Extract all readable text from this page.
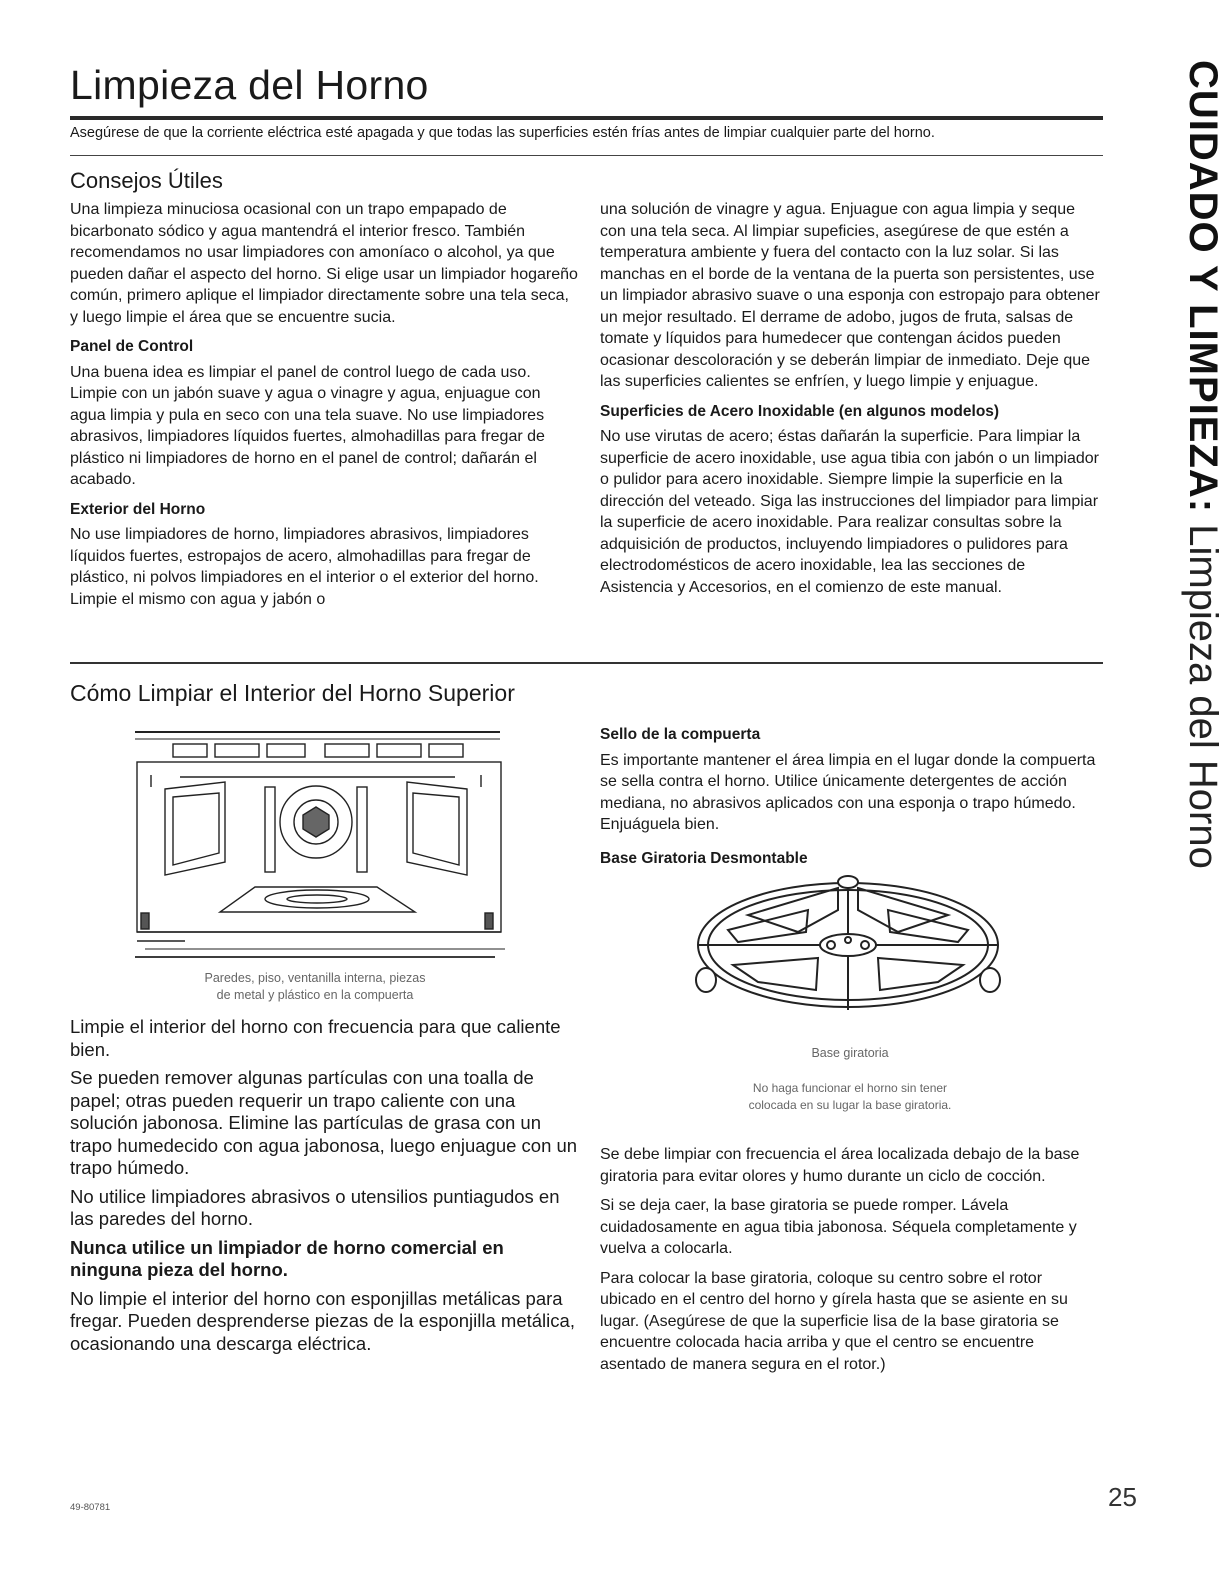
Limpieza del Horno

Asegúrese de que la corriente eléctrica esté apagada y que todas las superficies estén frías antes de limpiar cualquier parte del horno.	CUIDADO Y LIMPIEZA: Limpieza del Horno
Consejos Útiles

Una limpieza minuciosa ocasional con un trapo empapado de bicarbonato sódico y agua mantendrá el interior fresco. También recomendamos no usar limpiadores con amoníaco o alcohol, ya que pueden dañar el aspecto del horno. Si elige usar un limpiador hogareño común, primero aplique el limpiador directamente sobre una tela seca, y luego limpie el área que se encuentre sucia.

Panel de Control

Una buena idea es limpiar el panel de control luego de cada uso. Limpie con un jabón suave y agua o vinagre y agua, enjuague con agua limpia y pula en seco con una tela suave. No use limpiadores abrasivos, limpiadores líquidos fuertes, almohadillas para fregar de plástico ni limpiadores de horno en el panel de control; dañarán el acabado.

Exterior del Horno

No use limpiadores de horno, limpiadores abrasivos, limpiadores líquidos fuertes, estropajos de acero, almohadillas para fregar de plástico, ni polvos limpiadores en el interior o el exterior del horno. Limpie el mismo con agua y jabón o

una solución de vinagre y agua. Enjuague con agua limpia y seque con una tela seca. Al limpiar supeficies, asegúrese de que estén a temperatura ambiente y fuera del contacto con la luz solar. Si las manchas en el borde de la ventana de la puerta son persistentes, use un limpiador abrasivo suave o una esponja con estropajo para obtener un mejor resultado. El derrame de adobo, jugos de fruta, salsas de tomate y líquidos para humedecer que contengan ácidos pueden ocasionar descoloración y se deberán limpiar de inmediato. Deje que las superficies calientes se enfríen, y luego limpie y enjuague.

Superficies de Acero Inoxidable (en algunos modelos)

No use virutas de acero; éstas dañarán la superficie. Para limpiar la superficie de acero inoxidable, use agua tibia con jabón o un limpiador o pulidor para acero inoxidable. Siempre limpie la superficie en la dirección del veteado. Siga las instrucciones del limpiador para limpiar la superficie de acero inoxidable. Para realizar consultas sobre la adquisición de productos, incluyendo limpiadores o pulidores para electrodomésticos de acero inoxidable, lea las secciones de Asistencia y Accesorios, en el comienzo de este manual.

Cómo Limpiar el Interior del Horno Superior
Paredes, piso, ventanilla interna, piezas
de metal y plástico en la compuerta

Limpie el interior del horno con frecuencia para que caliente bien.

Se pueden remover algunas partículas con una toalla de papel; otras pueden requerir un trapo caliente con una solución jabonosa. Elimine las partículas de grasa con un trapo humedecido con agua jabonosa, luego enjuague con un trapo húmedo.

No utilice limpiadores abrasivos o utensilios puntiagudos en las paredes del horno.

Nunca utilice un limpiador de horno comercial en ninguna pieza del horno.

No limpie el interior del horno con esponjillas metálicas para fregar. Pueden desprenderse piezas de la esponjilla metálica, ocasionando una descarga eléctrica.

Sello de la compuerta

Es importante mantener el área limpia en el lugar donde la compuerta se sella contra el horno. Utilice únicamente detergentes de acción mediana, no abrasivos aplicados con una esponja o trapo húmedo. Enjuáguela bien.

Base Giratoria Desmontable
Base giratoria
No haga funcionar el horno sin tener
colocada en su lugar la base giratoria.

Se debe limpiar con frecuencia el área localizada debajo de la base giratoria para evitar olores y humo durante un ciclo de cocción.

Si se deja caer, la base giratoria se puede romper. Lávela cuidadosamente en agua tibia jabonosa. Séquela completamente y vuelva a colocarla.

Para colocar la base giratoria, coloque su centro sobre el rotor ubicado en el centro del horno y gírela hasta que se asiente en su lugar. (Asegúrese de que la superficie lisa de la base giratoria se encuentre colocada hacia arriba y que el centro se encuentre asentado de manera segura en el rotor.)

49-80781	25
